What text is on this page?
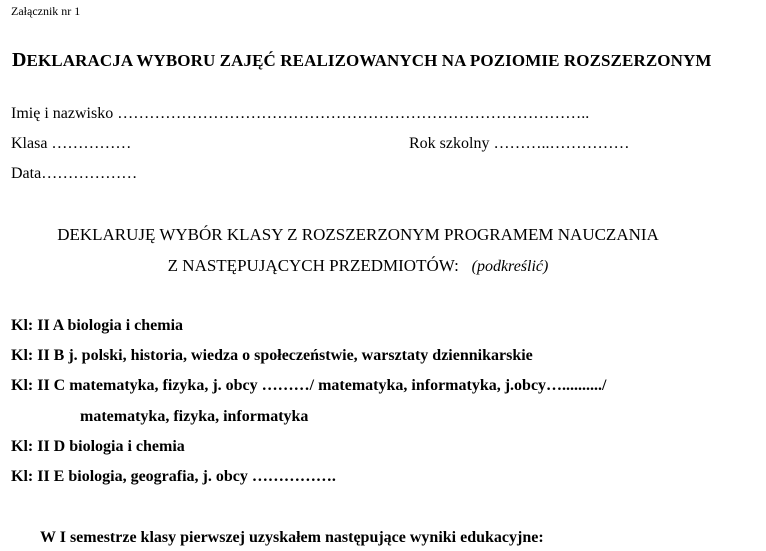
Załącznik nr 1
DEKLARACJA WYBORU ZAJĘĆ REALIZOWANYCH NA POZIOMIE ROZSZERZONYM
Imię i nazwisko ……………………………………………………………………………..
Klasa ……………	Rok szkolny ………..……………
Data………………
DEKLARUJĘ WYBÓR KLASY Z ROZSZERZONYM PROGRAMEM NAUCZANIA
Z NASTĘPUJĄCYCH PRZEDMIOTÓW: (podkreślić)
Kl: II A biologia i chemia
Kl: II B j. polski, historia, wiedza o społeczeństwie, warsztaty dziennikarskie
Kl: II C matematyka, fizyka, j. obcy ………/ matematyka, informatyka, j.obcy…........../
matematyka, fizyka, informatyka
Kl: II D biologia i chemia
Kl: II E biologia, geografia, j. obcy …………….
W I semestrze klasy pierwszej uzyskałem następujące wyniki edukacyjne:
